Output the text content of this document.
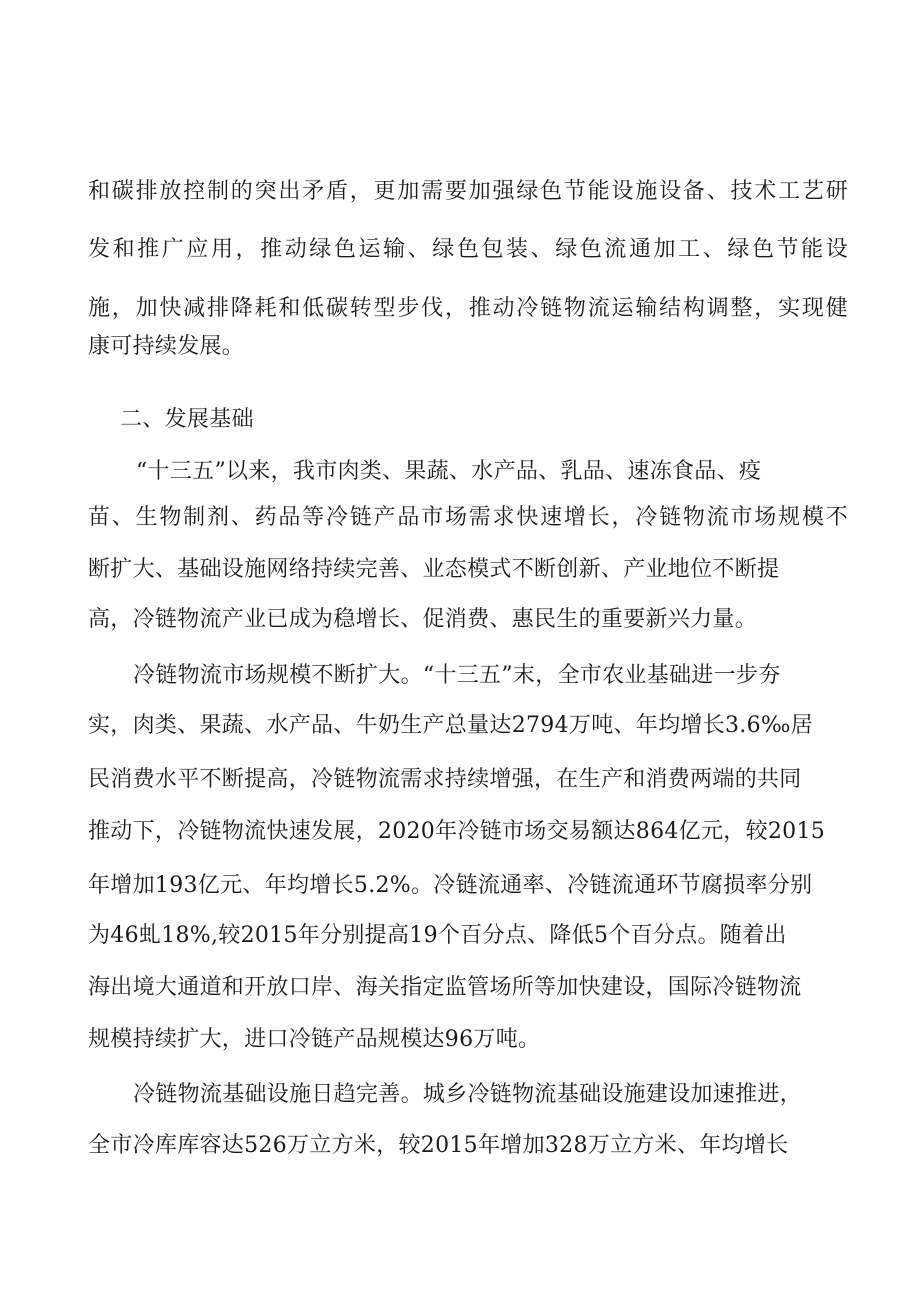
和碳排放控制的突出矛盾，更加需要加强绿色节能设施设备、技术工艺研
发和推广应用，推动绿色运输、绿色包装、绿色流通加工、绿色节能设
施，加快减排降耗和低碳转型步伐，推动冷链物流运输结构调整，实现健
康可持续发展。
二、发展基础
“十三五”以来，我市肉类、果蔬、水产品、乳品、速冻食品、疫
苗、生物制剂、药品等冷链产品市场需求快速增长，冷链物流市场规模不
断扩大、基础设施网络持续完善、业态模式不断创新、产业地位不断提
高，冷链物流产业已成为稳增长、促消费、惠民生的重要新兴力量。
冷链物流市场规模不断扩大。“十三五”末，全市农业基础进一步夯
实，肉类、果蔬、水产品、牛奶生产总量达2794万吨、年均增长3.6‰居
民消费水平不断提高，冷链物流需求持续增强，在生产和消费两端的共同
推动下，冷链物流快速发展，2020年冷链市场交易额达864亿元，较2015
年增加193亿元、年均增长5.2%。冷链流通率、冷链流通环节腐损率分别
为46虬18%,较2015年分别提高19个百分点、降低5个百分点。随着出
海出境大通道和开放口岸、海关指定监管场所等加快建设，国际冷链物流
规模持续扩大，进口冷链产品规模达96万吨。
冷链物流基础设施日趋完善。城乡冷链物流基础设施建设加速推进，
全市冷库库容达526万立方米，较2015年增加328万立方米、年均增长
